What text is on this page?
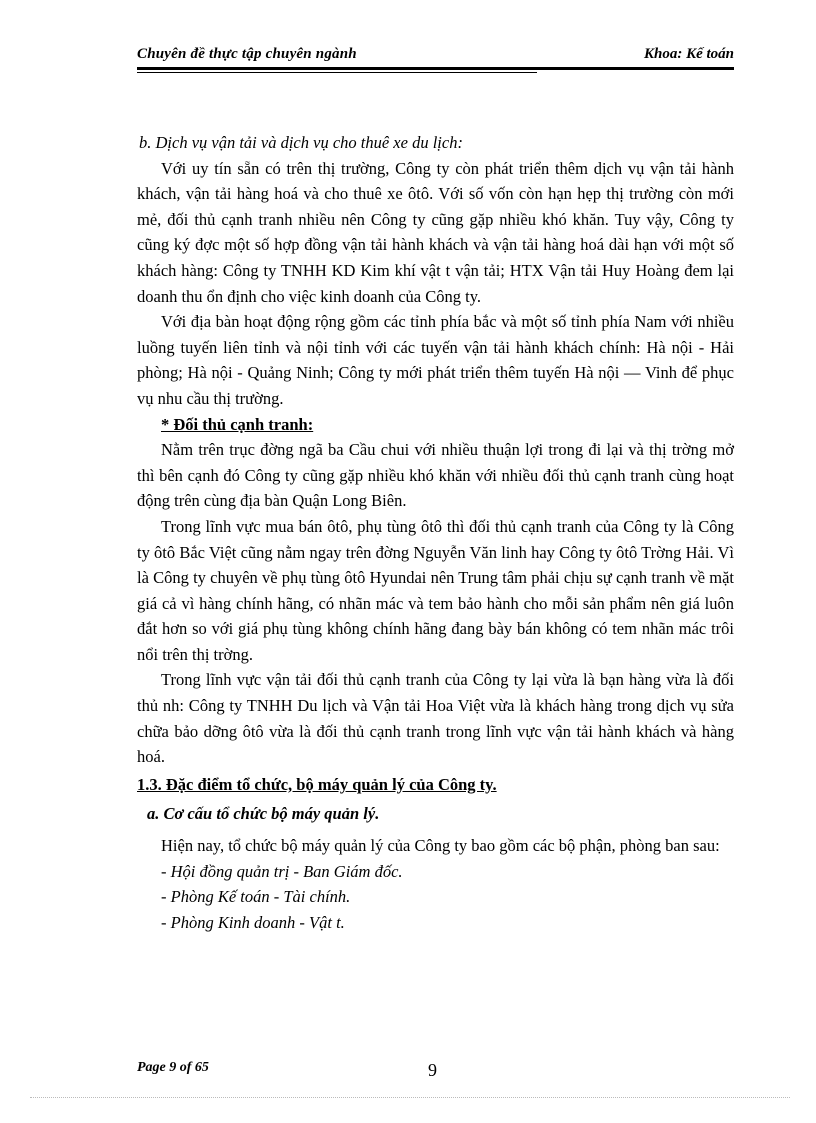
Chuyên đề thực tập chuyên ngành	Khoa: Kế toán

b. Dịch vụ vận tải và dịch vụ cho thuê xe du lịch:

Với uy tín sẵn có trên thị trường, Công ty còn phát triển thêm dịch vụ vận tải hành khách, vận tải hàng hoá và cho thuê xe ôtô. Với số vốn còn hạn hẹp thị trường còn mới mẻ, đối thủ cạnh tranh nhiều nên Công ty cũng gặp nhiều khó khăn. Tuy vậy, Công ty cũng ký đợc một số hợp đồng vận tải hành khách và vận tải hàng hoá dài hạn với một số khách hàng: Công ty TNHH KD Kim khí vật t vận tải; HTX Vận tải Huy Hoàng đem lại doanh thu ổn định cho việc kinh doanh của Công ty.

Với địa bàn hoạt động rộng gồm các tỉnh phía bắc và một số tỉnh phía Nam với nhiều luồng tuyến liên tỉnh và nội tỉnh với các tuyến vận tải hành khách chính: Hà nội - Hải phòng; Hà nội - Quảng Ninh; Công ty mới phát triển thêm tuyến Hà nội — Vinh để phục vụ nhu cầu thị trường.

* Đối thủ cạnh tranh:

Nằm trên trục đờng ngã ba Cầu chui với nhiều thuận lợi trong đi lại và thị trờng mở thì bên cạnh đó Công ty cũng gặp nhiều khó khăn với nhiều đối thủ cạnh tranh cùng hoạt động trên cùng địa bàn Quận Long Biên.

Trong lĩnh vực mua bán ôtô, phụ tùng ôtô thì đối thủ cạnh tranh của Công ty là Công ty ôtô Bắc Việt cũng nằm ngay trên đờng Nguyễn Văn linh hay Công ty ôtô Trờng Hải. Vì là Công ty chuyên về phụ tùng ôtô Hyundai nên Trung tâm phải chịu sự cạnh tranh về mặt giá cả vì hàng chính hãng, có nhãn mác và tem bảo hành cho mỗi sản phẩm nên giá luôn đắt hơn so với giá phụ tùng không chính hãng đang bày bán không có tem nhãn mác trôi nổi trên thị trờng.

Trong lĩnh vực vận tải đối thủ cạnh tranh của Công ty lại vừa là bạn hàng vừa là đối thủ nh: Công ty TNHH Du lịch và Vận tải Hoa Việt vừa là khách hàng trong dịch vụ sửa chữa bảo dỡng ôtô vừa là đối thủ cạnh tranh trong lĩnh vực vận tải hành khách và hàng hoá.

1.3. Đặc điểm tổ chức, bộ máy quản lý của Công ty.

a. Cơ cấu tổ chức bộ máy quản lý.

Hiện nay, tổ chức bộ máy quản lý của Công ty bao gồm các bộ phận, phòng ban sau:

- Hội đồng quản trị - Ban Giám đốc.

- Phòng Kế toán - Tài chính.

- Phòng Kinh doanh - Vật t.

Page 9 of 65	9
